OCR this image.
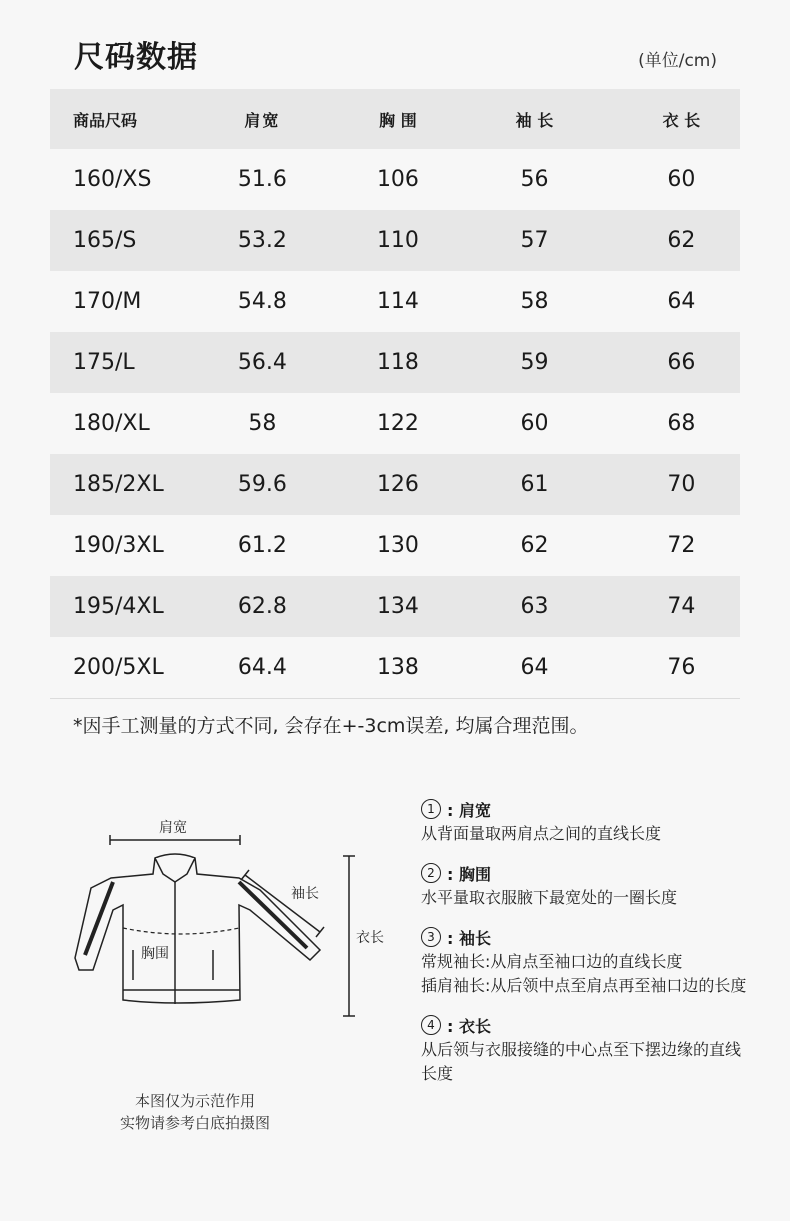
尺码数据	(单位/cm)
商品尺码	肩宽	胸 围	袖 长	衣 长
160/XS	51.6	106	56	60
165/S	53.2	110	57	62
170/M	54.8	114	58	64
175/L	56.4	118	59	66
180/XL	58	122	60	68
185/2XL	59.6	126	61	70
190/3XL	61.2	130	62	72
195/4XL	62.8	134	63	74
200/5XL	64.4	138	64	76
*因手工测量的方式不同, 会存在+-3cm误差, 均属合理范围。
肩宽
胸围
袖长
衣长
本图仅为示范作用
实物请参考白底拍摄图
1 : 肩宽
从背面量取两肩点之间的直线长度
2 : 胸围
水平量取衣服腋下最宽处的一圈长度
3 : 袖长
常规袖长: 从肩点至袖口边的直线长度
插肩袖长: 从后领中点至肩点再至袖口边的长度
4 : 衣长
从后领与衣服接缝的中心点至下摆边缘的直线长度
